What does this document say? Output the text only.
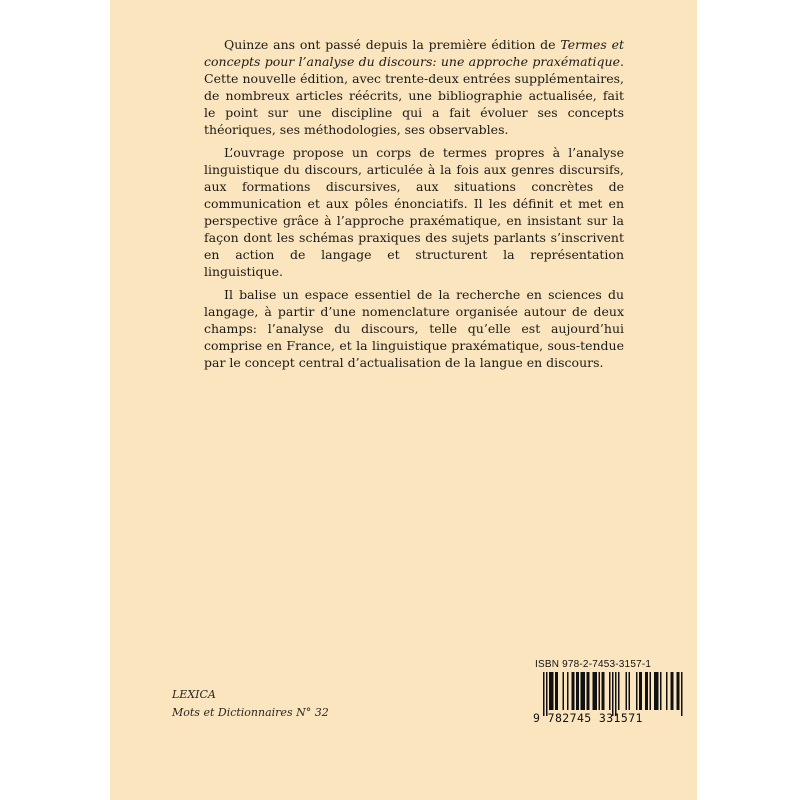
Quinze ans ont passé depuis la première édition de Termes et concepts pour l’analyse du discours: une approche praxématique. Cette nouvelle édition, avec trente-deux entrées supplémentaires, de nombreux articles réécrits, une bibliographie actualisée, fait le point sur une discipline qui a fait évoluer ses concepts théoriques, ses méthodologies, ses observables.

L’ouvrage propose un corps de termes propres à l’analyse linguistique du discours, articulée à la fois aux genres discursifs, aux formations discursives, aux situations concrètes de communication et aux pôles énonciatifs. Il les définit et met en perspective grâce à l’approche praxématique, en insistant sur la façon dont les schémas praxiques des sujets parlants s’inscrivent en action de langage et structurent la représentation linguistique.

Il balise un espace essentiel de la recherche en sciences du langage, à partir d’une nomenclature organisée autour de deux champs: l’analyse du discours, telle qu’elle est aujourd’hui comprise en France, et la linguistique praxématique, sous-tendue par le concept central d’actualisation de la langue en discours.

LEXICA
Mots et Dictionnaires N° 32
ISBN 978-2-7453-3157-1
9 782745 331571
